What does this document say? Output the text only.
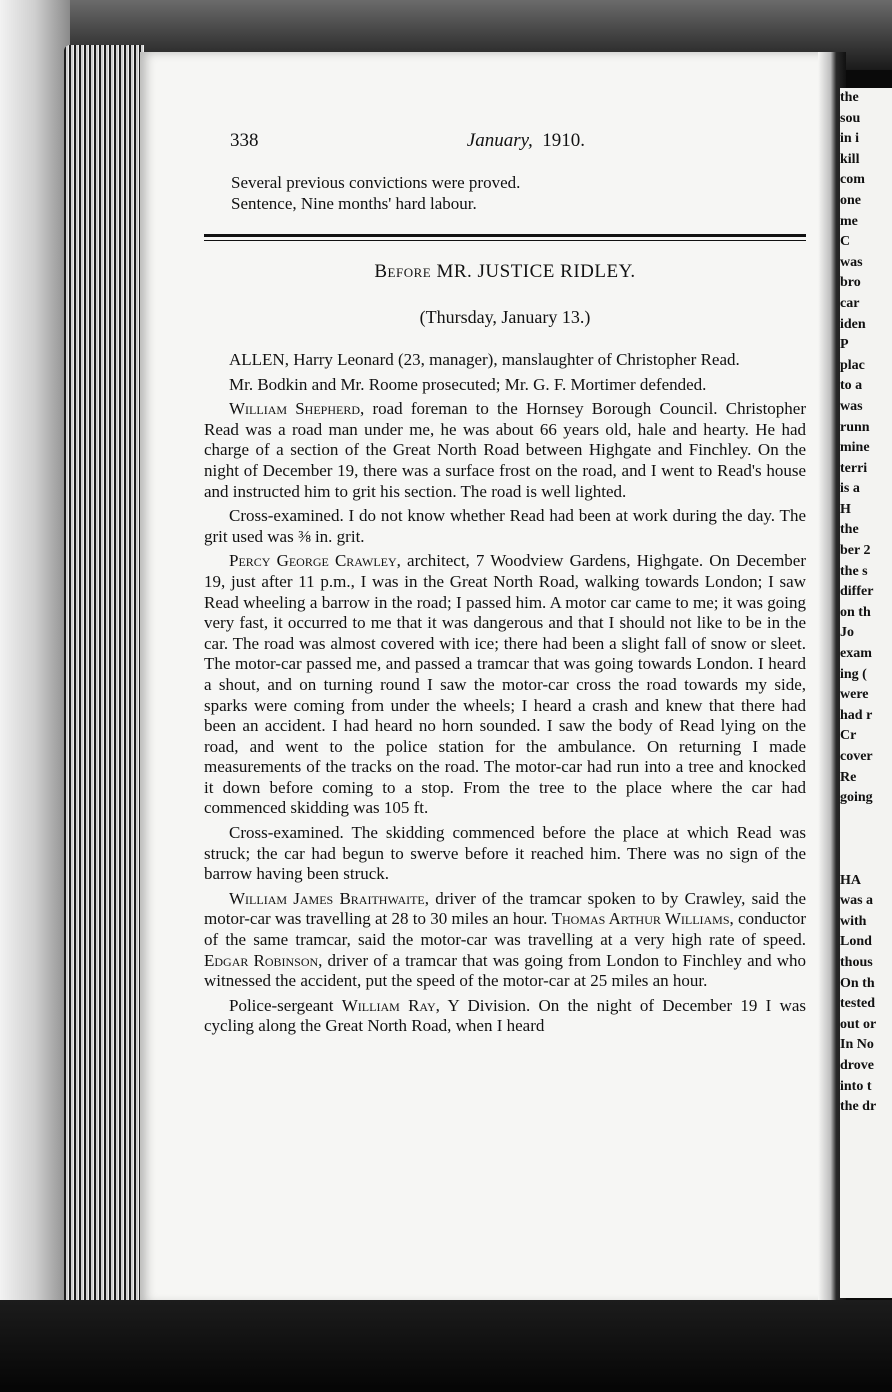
the
sou
in i
kill
com
one
me
C
was
bro
car
iden
P
plac
to a
was
runn
mine
terri
is a
H
the
ber 2
the s
differ
on th
Jo
exam
ing (
were
had r
Cr
cover
Re
going

HA
was a
with
Lond
thous
On th
tested
out or
In No
drove
into t
the dr
338	January, 1910.
Several previous convictions were proved.
Sentence, Nine months' hard labour.
Before MR. JUSTICE RIDLEY.
(Thursday, January 13.)

ALLEN, Harry Leonard (23, manager), manslaughter of Christopher Read.

Mr. Bodkin and Mr. Roome prosecuted; Mr. G. F. Mortimer defended.

William Shepherd, road foreman to the Hornsey Borough Council. Christopher Read was a road man under me, he was about 66 years old, hale and hearty. He had charge of a section of the Great North Road between Highgate and Finchley. On the night of December 19, there was a surface frost on the road, and I went to Read's house and instructed him to grit his section. The road is well lighted.

Cross-examined. I do not know whether Read had been at work during the day. The grit used was ⅜ in. grit.

Percy George Crawley, architect, 7 Woodview Gardens, Highgate. On December 19, just after 11 p.m., I was in the Great North Road, walking towards London; I saw Read wheeling a barrow in the road; I passed him. A motor car came to me; it was going very fast, it occurred to me that it was dangerous and that I should not like to be in the car. The road was almost covered with ice; there had been a slight fall of snow or sleet. The motor-car passed me, and passed a tramcar that was going towards London. I heard a shout, and on turning round I saw the motor-car cross the road towards my side, sparks were coming from under the wheels; I heard a crash and knew that there had been an accident. I had heard no horn sounded. I saw the body of Read lying on the road, and went to the police station for the ambulance. On returning I made measurements of the tracks on the road. The motor-car had run into a tree and knocked it down before coming to a stop. From the tree to the place where the car had commenced skidding was 105 ft.

Cross-examined. The skidding commenced before the place at which Read was struck; the car had begun to swerve before it reached him. There was no sign of the barrow having been struck.

William James Braithwaite, driver of the tramcar spoken to by Crawley, said the motor-car was travelling at 28 to 30 miles an hour. Thomas Arthur Williams, conductor of the same tramcar, said the motor-car was travelling at a very high rate of speed. Edgar Robinson, driver of a tramcar that was going from London to Finchley and who witnessed the accident, put the speed of the motor-car at 25 miles an hour.

Police-sergeant William Ray, Y Division. On the night of December 19 I was cycling along the Great North Road, when I heard
